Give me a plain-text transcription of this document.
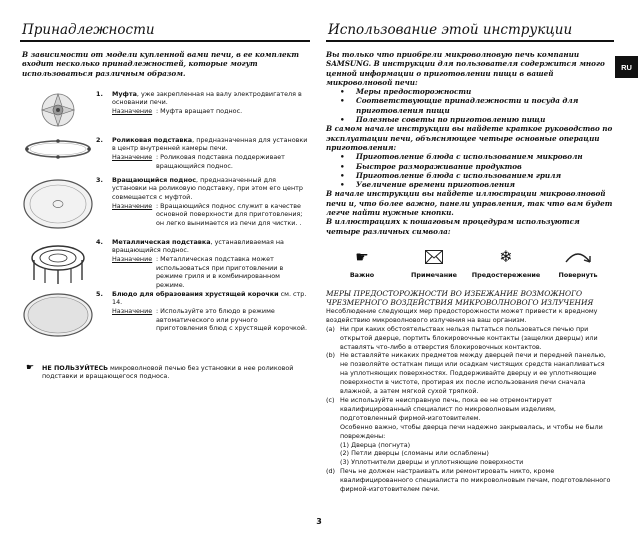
Принадлежности
В зависимости от модели купленной вами печи, в ее комплект входит несколько принадлежностей, которые могут использоваться различным образом.
1.	Муфта, уже закрепленная на валу электродвигателя в основании печи.
Назначение : Муфта вращает поднос.
2.	Роликовая подставка, предназначенная для установки в центр внутренней камеры печи.
Назначение : Роликовая подставка поддерживает вращающийся поднос.
3.	Вращающийся поднос, предназначенный для установки на роликовую подставку, при этом его центр совмещается с муфтой.
Назначение : Вращающийся поднос служит в качестве основной поверхности для приготовления; он легко вынимается из печи для чистки. .
4.	Металлическая подставка, устанавливаемая на вращающийся поднос.
Назначение : Металлическая подставка может использоваться при приготовлении в режиме гриля и в комбинированном режиме.
5.	Блюдо для образования хрустящей корочки см. стр. 14.
Назначение : Используйте это блюдо в режиме автоматического или ручного приготовления блюд с хрустящей корочкой.
☛	НЕ ПОЛЬЗУЙТЕСЬ микроволновой печью без установки в нее роликовой подставки и вращающегося подноса.
Использование этой инструкции
Вы только что приобрели микроволновую печь компании SAMSUNG. В инструкции для пользователя содержится много ценной информации о приготовлении пищи в вашей микроволновой печи:
• Меры предосторожности
• Соответствующие принадлежности и посуда для приготовления пищи
• Полезные советы по приготовлению пищи
В самом начале инструкции вы найдете краткое руководство по эксплуатации печи, объясняющее четыре основные операции приготовления:
• Приготовление блюда с использованием микроволн
• Быстрое размораживание продуктов
• Приготовление блюда с использованием гриля
• Увеличение времени приготовления
В начале инструкции вы найдете иллюстрации микроволновой печи и, что более важно, панели управления, так что вам будет легче найти нужные кнопки.
В иллюстрациях к пошаговым процедурам используются четыре различных символа:
☛
Важно	Примечание
❄
Предостережение	Повернуть
МЕРЫ ПРЕДОСТОРОЖНОСТИ ВО ИЗБЕЖАНИЕ ВОЗМОЖНОГО ЧРЕЗМЕРНОГО ВОЗДЕЙСТВИЯ МИКРОВОЛНОВОГО ИЗЛУЧЕНИЯ
Несоблюдение следующих мер предосторожности может привести к вредному воздействию микроволнового излучения на ваш организм.
(a) Ни при каких обстоятельствах нельзя пытаться пользоваться печью при открытой дверце, портить блокировочные контакты (защелки дверцы) или вставлять что-либо в отверстия блокировочных контактов.
(b) Не вставляйте никаких предметов между дверцей печи и передней панелью, не позволяйте остаткам пищи или осадкам чистящих средств накапливаться на уплотняющих поверхностях. Поддерживайте дверцу и ее уплотняющие поверхности в чистоте, протирая их после использования печи сначала влажной, а затем мягкой сухой тряпкой.
(c) Не используйте неисправную печь, пока ее не отремонтирует квалифицированный специалист по микроволновым изделиям, подготовленный фирмой-изготовителем.
Особенно важно, чтобы дверца печи надежно закрывалась, и чтобы не были повреждены:
(1) Дверца (погнута)
(2) Петли дверцы (сломаны или ослаблены)
(3) Уплотнители дверцы и уплотняющие поверхности
(d) Печь не должен настраивать или ремонтировать никто, кроме квалифицированного специалиста по микроволновым печам, подготовленного фирмой-изготовителем печи.
RU
3
